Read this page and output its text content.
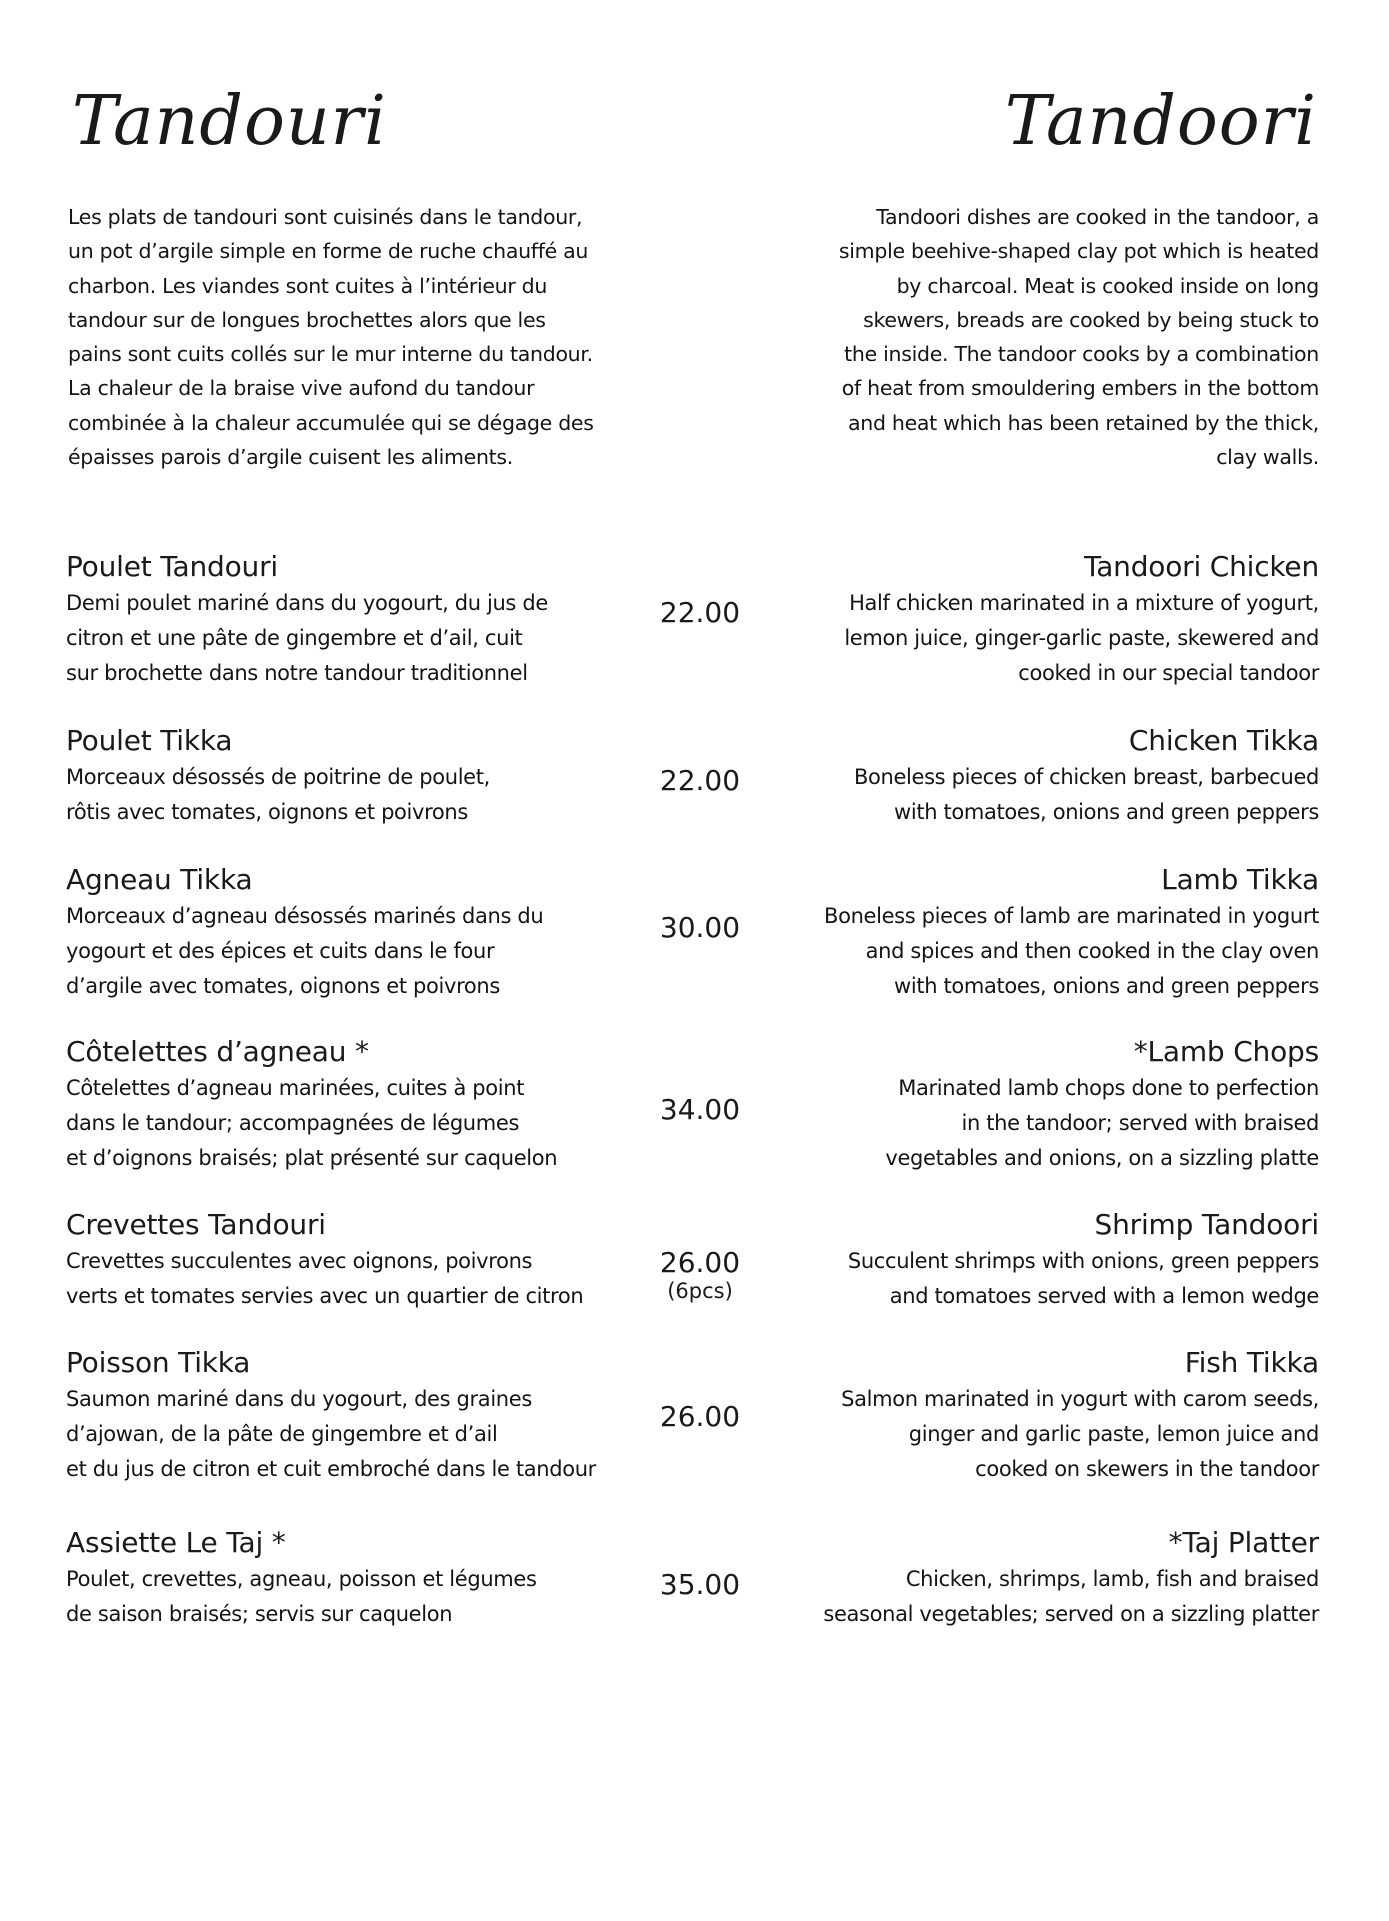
Tandouri	Tandoori
Les plats de tandouri sont cuisinés dans le tandour,
un pot d’argile simple en forme de ruche chauffé au
charbon. Les viandes sont cuites à l’intérieur du
tandour sur de longues brochettes alors que les
pains sont cuits collés sur le mur interne du tandour.
La chaleur de la braise vive aufond du tandour
combinée à la chaleur accumulée qui se dégage des
épaisses parois d’argile cuisent les aliments.
Tandoori dishes are cooked in the tandoor, a
simple beehive-shaped clay pot which is heated
by charcoal. Meat is cooked inside on long
skewers, breads are cooked by being stuck to
the inside. The tandoor cooks by a combination
of heat from smouldering embers in the bottom
and heat which has been retained by the thick,
clay walls.
Poulet Tandouri
Demi poulet mariné dans du yogourt, du jus de
citron et une pâte de gingembre et d’ail, cuit
sur brochette dans notre tandour traditionnel
22.00
Tandoori Chicken
Half chicken marinated in a mixture of yogurt,
lemon juice, ginger-garlic paste, skewered and
cooked in our special tandoor
Poulet Tikka
Morceaux désossés de poitrine de poulet,
rôtis avec tomates, oignons et poivrons
22.00
Chicken Tikka
Boneless pieces of chicken breast, barbecued
with tomatoes, onions and green peppers
Agneau Tikka
Morceaux d’agneau désossés marinés dans du
yogourt et des épices et cuits dans le four
d’argile avec tomates, oignons et poivrons
30.00
Lamb Tikka
Boneless pieces of lamb are marinated in yogurt
and spices and then cooked in the clay oven
with tomatoes, onions and green peppers
Côtelettes d’agneau *
Côtelettes d’agneau marinées, cuites à point
dans le tandour; accompagnées de légumes
et d’oignons braisés; plat présenté sur caquelon
34.00
*Lamb Chops
Marinated lamb chops done to perfection
in the tandoor; served with braised
vegetables and onions, on a sizzling platte
Crevettes Tandouri
Crevettes succulentes avec oignons, poivrons
verts et tomates servies avec un quartier de citron
26.00
(6pcs)
Shrimp Tandoori
Succulent shrimps with onions, green peppers
and tomatoes served with a lemon wedge
Poisson Tikka
Saumon mariné dans du yogourt, des graines
d’ajowan, de la pâte de gingembre et d’ail
et du jus de citron et cuit embroché dans le tandour
26.00
Fish Tikka
Salmon marinated in yogurt with carom seeds,
ginger and garlic paste, lemon juice and
cooked on skewers in the tandoor
Assiette Le Taj *
Poulet, crevettes, agneau, poisson et légumes
de saison braisés; servis sur caquelon
35.00
*Taj Platter
Chicken, shrimps, lamb, fish and braised
seasonal vegetables; served on a sizzling platter
